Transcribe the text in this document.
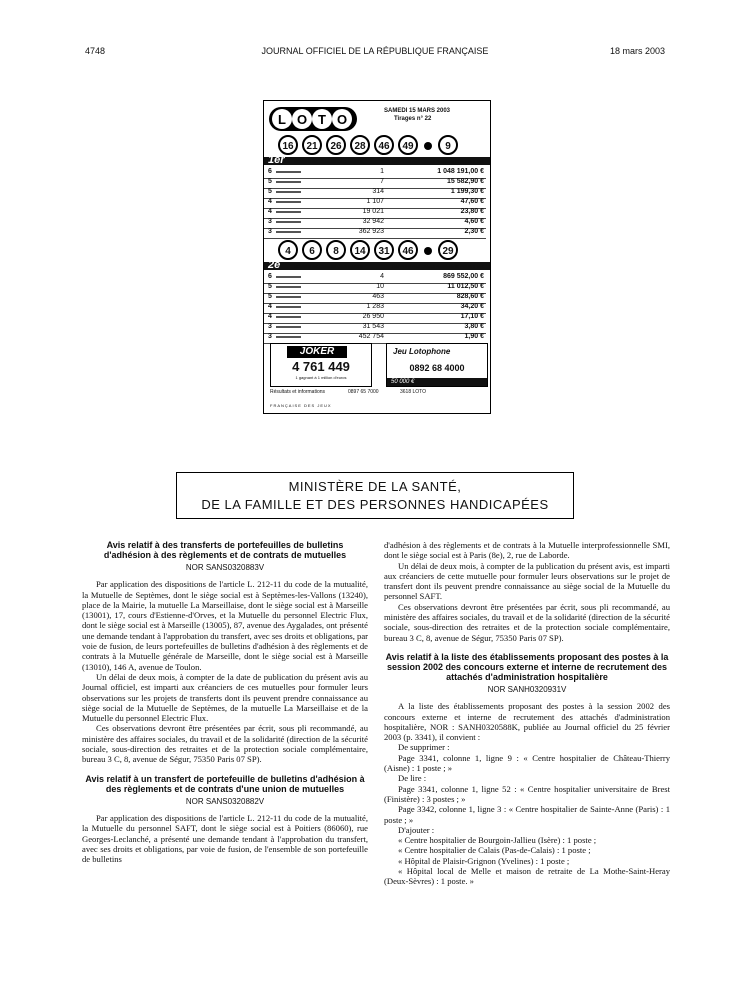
4748	JOURNAL OFFICIEL DE LA RÉPUBLIQUE FRANÇAISE	18 mars 2003
L O T O
SAMEDI 15 MARS 2003
Tirages n° 22
16	21	26	28	46	49	9
1er NOMBRE DE GRILLES GAGNANTES	RAPPORT PAR GRILLE GAGNANTE POUR 0,15 €
6	1	1 048 191,00 €
5	7	15 582,90 €
5	314	1 199,30 €
4	1 107	47,60 €
4	19 021	23,80 €
3	32 942	4,60 €
3	362 923	2,30 €
4	6	8	14	31	46	29
2e	NOMBRE DE GRILLES GAGNANTES	RAPPORT PAR GRILLE GAGNANTE POUR 0,15 €
6	4	869 552,00 €
5	10	11 012,50 €
5	463	828,60 €
4	1 283	34,20 €
4	26 950	17,10 €
3	31 543	3,80 €
3	452 754	1,90 €
JOKER
4 761 449
1 gagnant à 1 million d'euros
Jeu Lotophone
0892 68 4000
50 000 €
Résultats et informations	0897 65 7000	3618 LOTO
FRANÇAISE DES JEUX
MINISTÈRE DE LA SANTÉ,
DE LA FAMILLE ET DES PERSONNES HANDICAPÉES
Avis relatif à des transferts de portefeuilles de bulletins d'adhésion à des règlements et de contrats de mutuelles
NOR SANS0320883V

Par application des dispositions de l'article L. 212-11 du code de la mutualité, la Mutuelle de Septèmes, dont le siège social est à Septèmes-les-Vallons (13240), place de la Mairie, la mutuelle La Marseillaise, dont le siège social est à Marseille (13001), 17, cours d'Estienne-d'Orves, et la Mutuelle du personnel Electric Flux, dont le siège social est à Marseille (13005), 87, avenue des Aygalades, ont présenté une demande tendant à l'approbation du transfert, avec ses droits et obligations, par voie de fusion, de leurs portefeuilles de bulletins d'adhésion à des règlements et de contrats à la Mutuelle générale de Marseille, dont le siège social est à Marseille (13010), 146 A, avenue de Toulon.

Un délai de deux mois, à compter de la date de publication du présent avis au Journal officiel, est imparti aux créanciers de ces mutuelles pour formuler leurs observations sur les projets de transferts dont ils peuvent prendre connaissance au siège social de la Mutuelle de Septèmes, de la mutuelle La Marseillaise et de la Mutuelle du personnel Electric Flux.

Ces observations devront être présentées par écrit, sous pli recommandé, au ministère des affaires sociales, du travail et de la solidarité (direction de la sécurité sociale, sous-direction des retraites et de la protection sociale complémentaire, bureau 3 C, 8, avenue de Ségur, 75350 Paris 07 SP).

Avis relatif à un transfert de portefeuille de bulletins d'adhésion à des règlements et de contrats d'une union de mutuelles
NOR SANS0320882V

Par application des dispositions de l'article L. 212-11 du code de la mutualité, la Mutuelle du personnel SAFT, dont le siège social est à Poitiers (86060), rue Georges-Leclanché, a présenté une demande tendant à l'approbation du transfert, avec ses droits et obligations, par voie de fusion, de l'ensemble de son portefeuille de bulletins

d'adhésion à des règlements et de contrats à la Mutuelle interprofessionnelle SMI, dont le siège social est à Paris (8e), 2, rue de Laborde.

Un délai de deux mois, à compter de la publication du présent avis, est imparti aux créanciers de cette mutuelle pour formuler leurs observations sur le projet de transfert dont ils peuvent prendre connaissance au siège social de la Mutuelle du personnel SAFT.

Ces observations devront être présentées par écrit, sous pli recommandé, au ministère des affaires sociales, du travail et de la solidarité (direction de la sécurité sociale, sous-direction des retraites et de la protection sociale complémentaire, bureau 3 C, 8, avenue de Ségur, 75350 Paris 07 SP).

Avis relatif à la liste des établissements proposant des postes à la session 2002 des concours externe et interne de recrutement des attachés d'administration hospitalière
NOR SANH0320931V

A la liste des établissements proposant des postes à la session 2002 des concours externe et interne de recrutement des attachés d'administration hospitalière, NOR : SANH0320588K, publiée au Journal officiel du 25 février 2003 (p. 3341), il convient :

De supprimer :

Page 3341, colonne 1, ligne 9 : « Centre hospitalier de Château-Thierry (Aisne) : 1 poste ; »

De lire :

Page 3341, colonne 1, ligne 52 : « Centre hospitalier universitaire de Brest (Finistère) : 3 postes ; »

Page 3342, colonne 1, ligne 3 : « Centre hospitalier de Sainte-Anne (Paris) : 1 poste ; »

D'ajouter :

« Centre hospitalier de Bourgoin-Jallieu (Isère) : 1 poste ;

« Centre hospitalier de Calais (Pas-de-Calais) : 1 poste ;

« Hôpital de Plaisir-Grignon (Yvelines) : 1 poste ;

« Hôpital local de Melle et maison de retraite de La Mothe-Saint-Heray (Deux-Sèvres) : 1 poste. »
